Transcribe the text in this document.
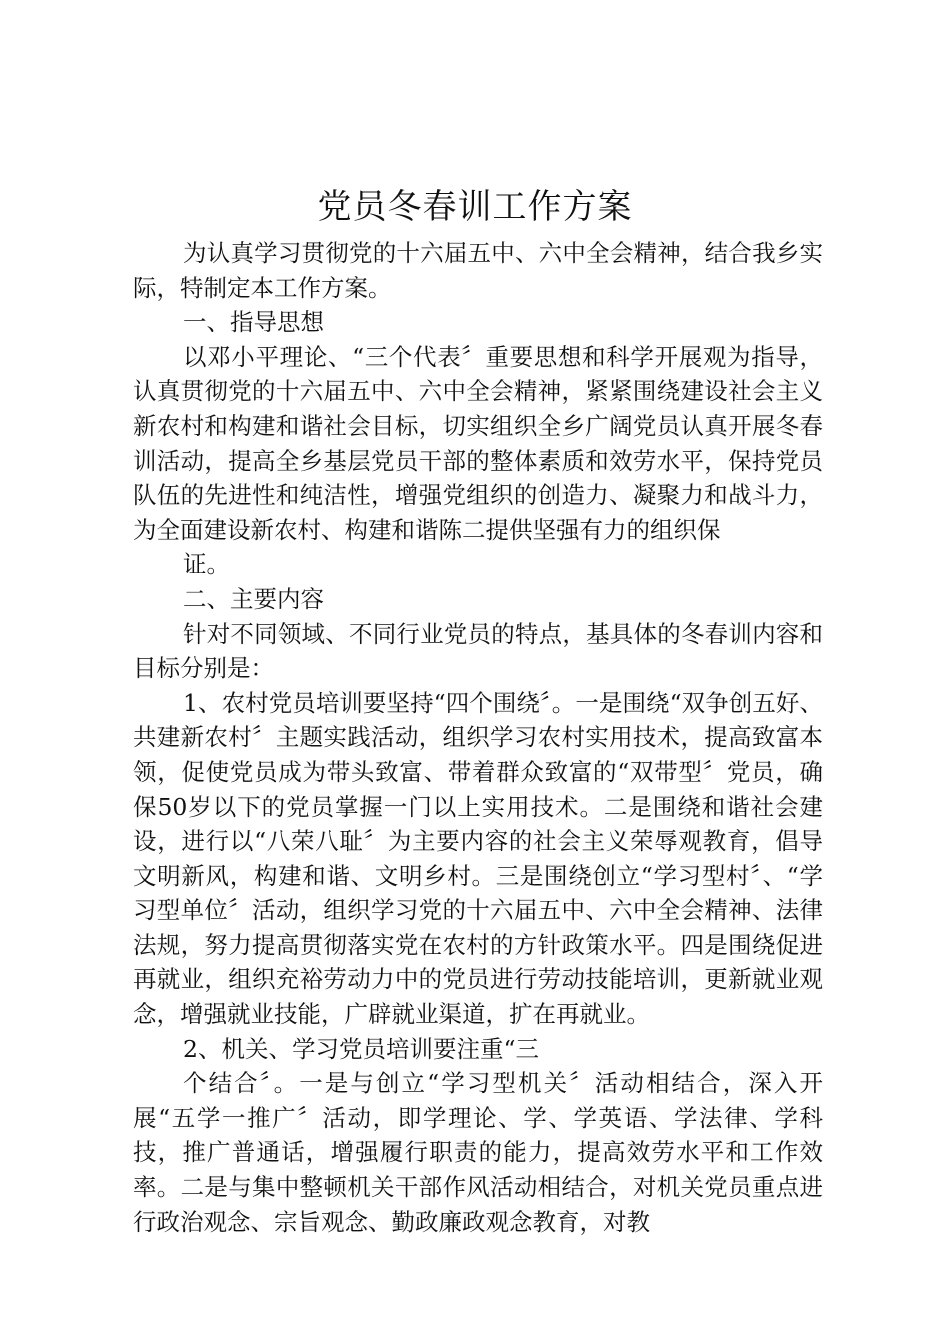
党员冬春训工作方案

为认真学习贯彻党的十六届五中、六中全会精神，结合我乡实际，特制定本工作方案。

一、指导思想

以邓小平理论、“三个代表〞重要思想和科学开展观为指导，认真贯彻党的十六届五中、六中全会精神，紧紧围绕建设社会主义新农村和构建和谐社会目标，切实组织全乡广阔党员认真开展冬春训活动，提高全乡基层党员干部的整体素质和效劳水平，保持党员队伍的先进性和纯洁性，增强党组织的创造力、凝聚力和战斗力，为全面建设新农村、构建和谐陈二提供坚强有力的组织保

证。

二、主要内容

针对不同领域、不同行业党员的特点，基具体的冬春训内容和目标分别是：

1、农村党员培训要坚持“四个围绕〞。一是围绕“双争创五好、共建新农村〞主题实践活动，组织学习农村实用技术，提高致富本领，促使党员成为带头致富、带着群众致富的“双带型〞党员，确保50岁以下的党员掌握一门以上实用技术。二是围绕和谐社会建设，进行以“八荣八耻〞为主要内容的社会主义荣辱观教育，倡导文明新风，构建和谐、文明乡村。三是围绕创立“学习型村〞、“学习型单位〞活动，组织学习党的十六届五中、六中全会精神、法律法规，努力提高贯彻落实党在农村的方针政策水平。四是围绕促进再就业，组织充裕劳动力中的党员进行劳动技能培训，更新就业观念，增强就业技能，广辟就业渠道，扩在再就业。

2、机关、学习党员培训要注重“三

个结合〞。一是与创立“学习型机关〞活动相结合，深入开展“五学一推广〞活动，即学理论、学、学英语、学法律、学科技，推广普通话，增强履行职责的能力，提高效劳水平和工作效率。二是与集中整顿机关干部作风活动相结合，对机关党员重点进行政治观念、宗旨观念、勤政廉政观念教育，对教
